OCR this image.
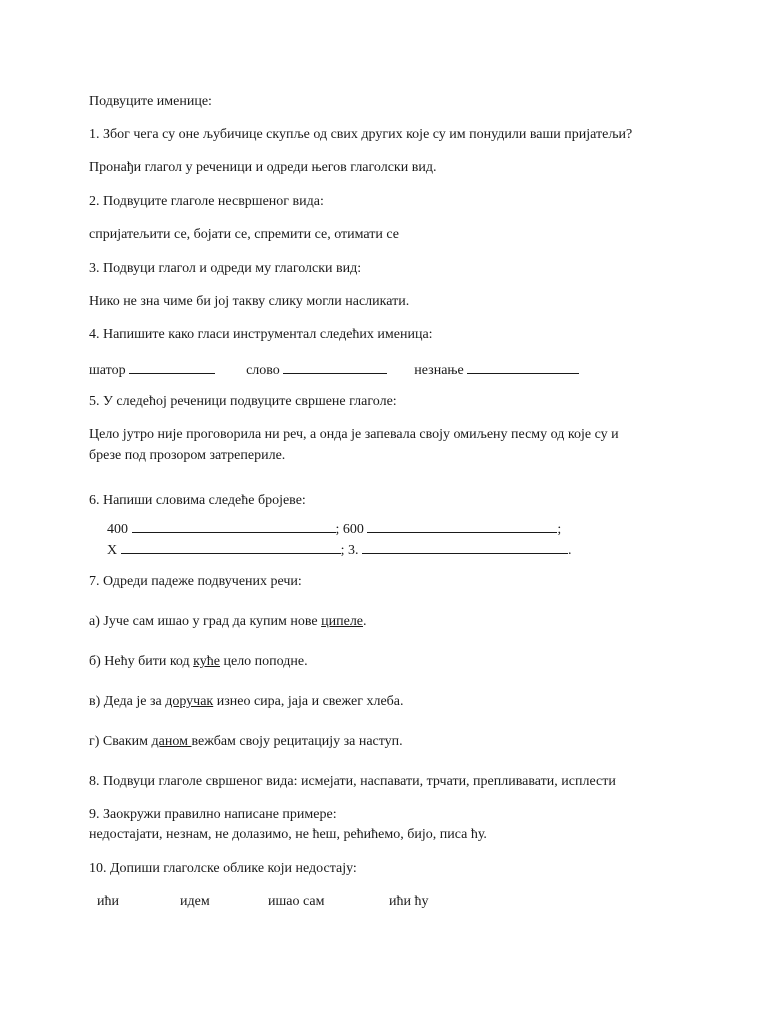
Подвуците именице:
1. Због чега су оне љубичице скупље од свих других које су им понудили ваши пријатељи?
Пронађи глагол у реченици и одреди његов глаголски вид.
2. Подвуците глаголе несвршеног вида:
спријатељити се, бојати се, спремити се, отимати се
3. Подвуци глагол и одреди му глаголски вид:
Нико не зна чиме би јој такву слику могли насликати.
4. Напишите како гласи инструментал следећих именица:
шатор	слово	незнање
5. У следећој реченици подвуците свршене глаголе:
Цело јутро није проговорила ни реч, а онда је запевала своју омиљену песму од које су и
брезе под прозором затрепериле.
6. Напиши словима следеће бројеве:
400	; 600	;
X	; 3.	.
7. Одреди падеже подвучених речи:
а) Јуче сам ишао у град да купим нове ципеле.
б) Нећу бити код куће цело поподне.
в) Деда је за доручак изнео сира, јаја и свежег хлеба.
г) Сваким даном вежбам своју рецитацију за наступ.
8. Подвуци глаголе свршеног вида: исмејати, наспавати, трчати, препливавати, исплести
9. Заокружи правилно написане примере:
недостајати, незнам, не долазимо, не ћеш, рећићемо, бијо, писа ћу.
10. Допиши глаголске облике који недостају:
ићи	идем	ишао сам	ићи ћу
